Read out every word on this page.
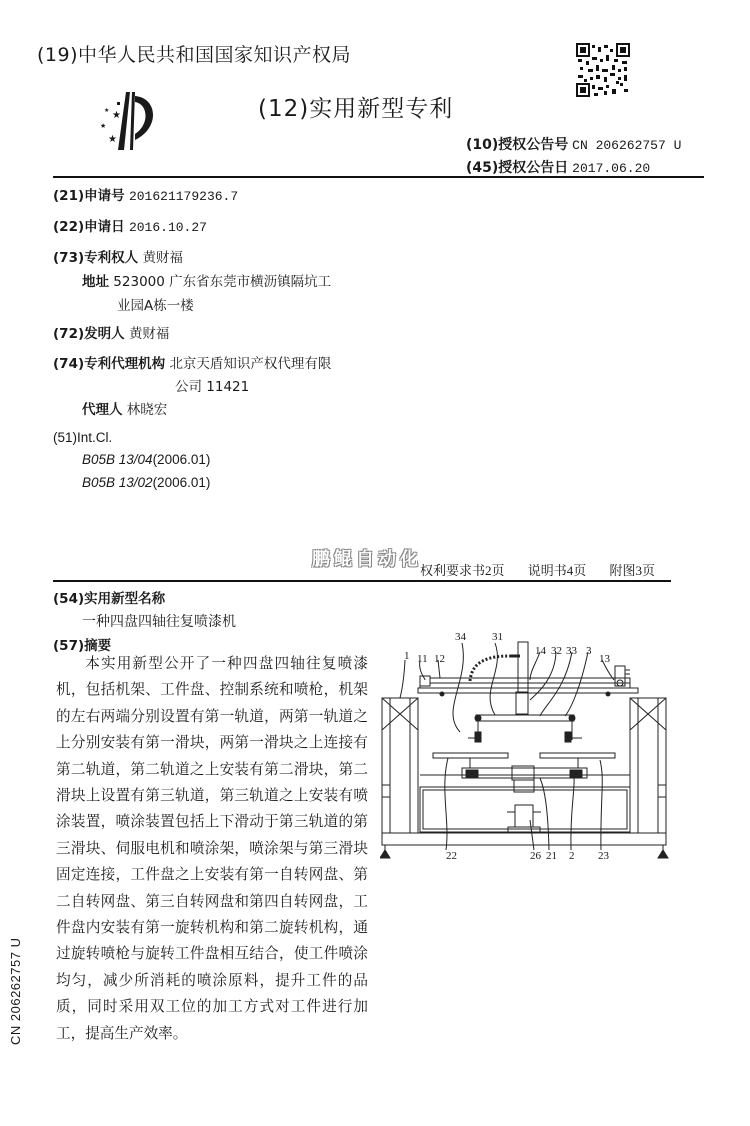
(19)中华人民共和国国家知识产权局
★
★
★
★	(12)实用新型专利
(10)授权公告号 CN 206262757 U
(45)授权公告日 2017.06.20
(21)申请号 201621179236.7
(22)申请日 2016.10.27
(73)专利权人 黄财福
地址 523000 广东省东莞市横沥镇隔坑工
业园A栋一楼
(72)发明人 黄财福
(74)专利代理机构 北京天盾知识产权代理有限
公司 11421
代理人 林晓宏
(51)Int.Cl.
B05B 13/04(2006.01)
B05B 13/02(2006.01)
鹏鲲自动化
权利要求书2页 说明书4页 附图3页
(54)实用新型名称
一种四盘四轴往复喷漆机
(57)摘要
本实用新型公开了一种四盘四轴往复喷漆机，包括机架、工件盘、控制系统和喷枪，机架的左右两端分别设置有第一轨道，两第一轨道之上分别安装有第一滑块，两第一滑块之上连接有第二轨道，第二轨道之上安装有第二滑块，第二滑块上设置有第三轨道，第三轨道之上安装有喷涂装置，喷涂装置包括上下滑动于第三轨道的第三滑块、伺服电机和喷涂架，喷涂架与第三滑块固定连接，工件盘之上安装有第一自转网盘、第二自转网盘、第三自转网盘和第四自转网盘，工件盘内安装有第一旋转机构和第二旋转机构，通过旋转喷枪与旋转工件盘相互结合，使工件喷涂均匀，减少所消耗的喷涂原料，提升工件的品质，同时采用双工位的加工方式对工件进行加工，提高生产效率。
1 11 12
34 31
14 32 33 3
13
22	26 21 2 23
CN 206262757 U
